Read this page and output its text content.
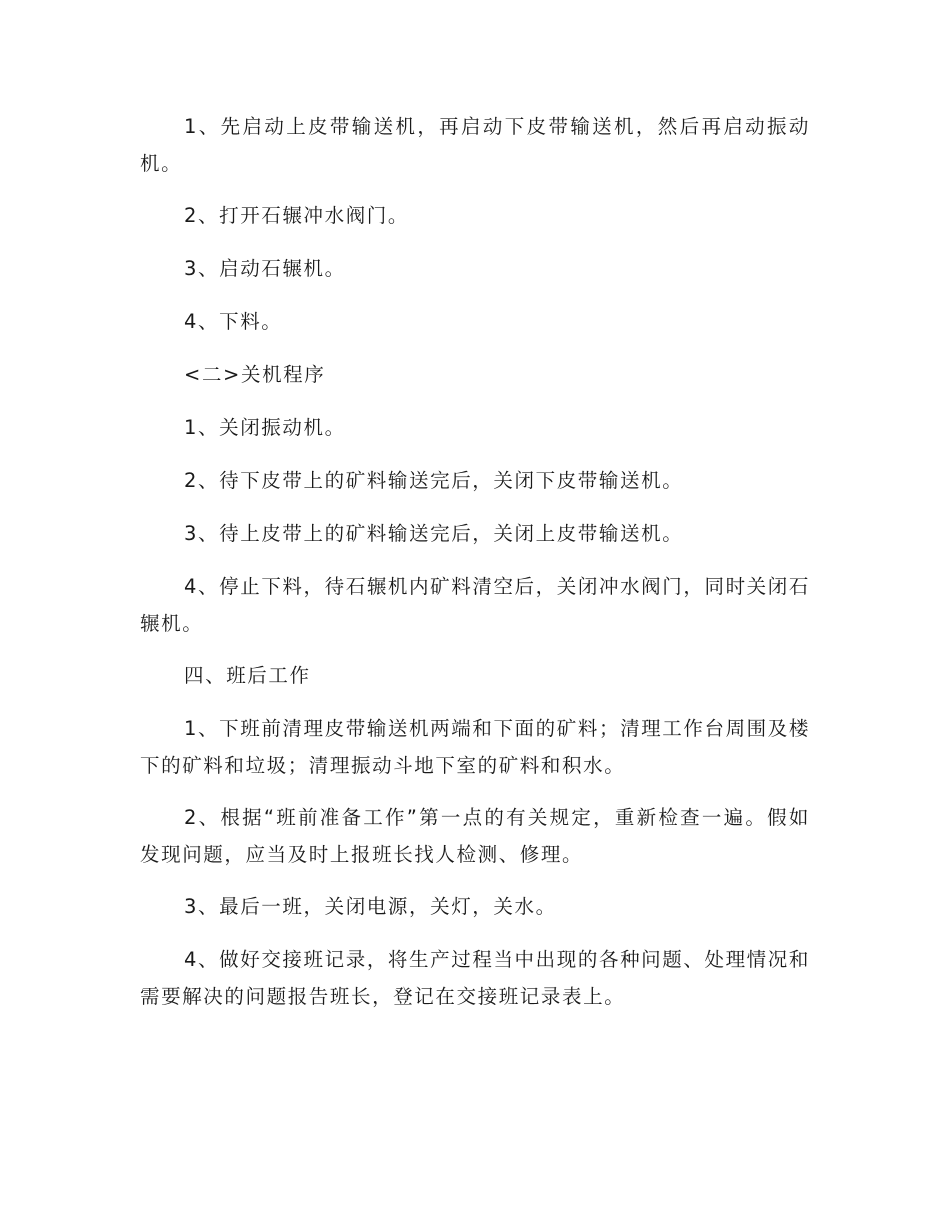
1、先启动上皮带输送机，再启动下皮带输送机，然后再启动振动机。

2、打开石辗冲水阀门。

3、启动石辗机。

4、下料。

<二>关机程序

1、关闭振动机。

2、待下皮带上的矿料输送完后，关闭下皮带输送机。

3、待上皮带上的矿料输送完后，关闭上皮带输送机。

4、停止下料，待石辗机内矿料清空后，关闭冲水阀门，同时关闭石辗机。

四、班后工作

1、下班前清理皮带输送机两端和下面的矿料；清理工作台周围及楼下的矿料和垃圾；清理振动斗地下室的矿料和积水。

2、根据“班前准备工作”第一点的有关规定，重新检查一遍。假如发现问题，应当及时上报班长找人检测、修理。

3、最后一班，关闭电源，关灯，关水。

4、做好交接班记录，将生产过程当中出现的各种问题、处理情况和需要解决的问题报告班长，登记在交接班记录表上。
